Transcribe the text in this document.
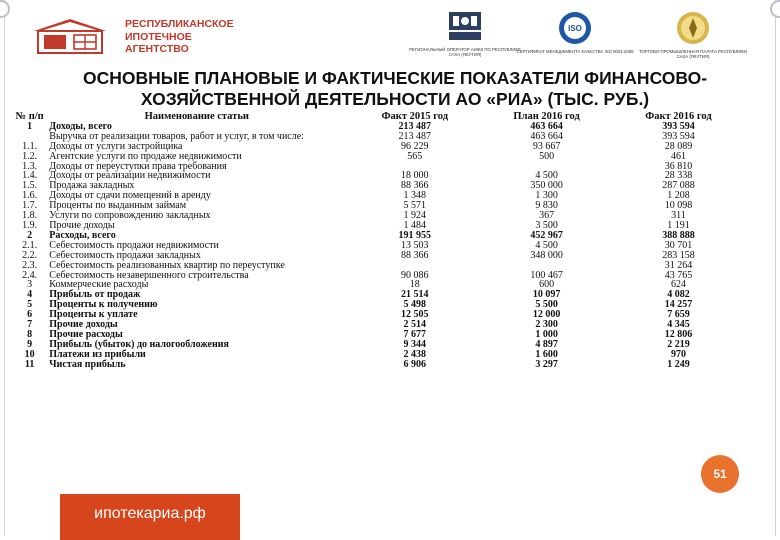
РЕСПУБЛИКАНСКОЕ
ИПОТЕЧНОЕ
АГЕНТСТВО	РЕГИОНАЛЬНЫЙ ОПЕРАТОР АИЖК ПО РЕСПУБЛИКЕ САХА (ЯКУТИЯ)
ISO
СЕРТИФИКАТ МЕНЕДЖМЕНТА КАЧЕСТВА ISO 9001:2008	ТОРГОВО-ПРОМЫШЛЕННАЯ ПАЛАТА РЕСПУБЛИКИ САХА (ЯКУТИЯ)
ОСНОВНЫЕ ПЛАНОВЫЕ И ФАКТИЧЕСКИЕ ПОКАЗАТЕЛИ ФИНАНСОВО-ХОЗЯЙСТВЕННОЙ ДЕЯТЕЛЬНОСТИ АО «РИА» (ТЫС. РУБ.)
№ п/п	Наименование статьи	Факт 2015 год	План 2016 год	Факт 2016 год
1	Доходы, всего	213 487	463 664	393 594
	Выручка от реализации товаров, работ и услуг, в том числе:	213 487	463 664	393 594
1.1.	Доходы от услуги застройщика	96 229	93 667	28 089
1.2.	Агентские услуги по продаже недвижимости	565	500	461
1.3.	Доходы от переуступки права требования			36 810
1.4.	Доходы от реализации недвижимости	18 000	4 500	28 338
1.5.	Продажа закладных	88 366	350 000	287 088
1.6.	Доходы от сдачи помещений в аренду	1 348	1 300	1 208
1.7.	Проценты по выданным займам	5 571	9 830	10 098
1.8.	Услуги по сопровождению закладных	1 924	367	311
1.9.	Прочие доходы	1 484	3 500	1 191
2	Расходы, всего	191 955	452 967	388 888
2.1.	Себестоимость продажи недвижимости	13 503	4 500	30 701
2.2.	Себестоимость продажи закладных	88 366	348 000	283 158
2.3.	Себестоимость реализованных квартир по переуступке			31 264
2.4.	Себестоимость незавершенного строительства	90 086	100 467	43 765
3	Коммерческие расходы	18	600	624
4	Прибыль от продаж	21 514	10 097	4 082
5	Проценты к получению	5 498	5 500	14 257
6	Проценты к уплате	12 505	12 000	7 659
7	Прочие доходы	2 514	2 300	4 345
8	Прочие расходы	7 677	1 000	12 806
9	Прибыль (убыток) до налогообложения	9 344	4 897	2 219
10	Платежи из прибыли	2 438	1 600	970
11	Чистая прибыль	6 906	3 297	1 249
51
ипотекариа.рф
